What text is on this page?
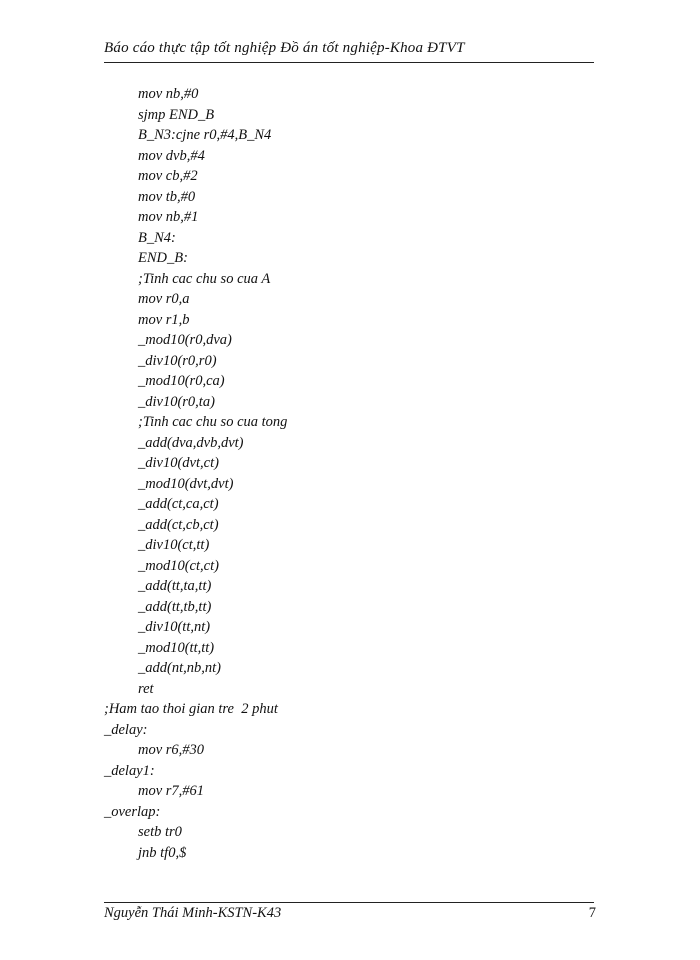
Báo cáo thực tập tốt nghiệp Đồ án tốt nghiệp-Khoa ĐTVT
mov nb,#0
sjmp END_B
B_N3:cjne r0,#4,B_N4
mov dvb,#4
mov cb,#2
mov tb,#0
mov nb,#1
B_N4:
END_B:
;Tinh cac chu so cua A
mov r0,a
mov r1,b
_mod10(r0,dva)
_div10(r0,r0)
_mod10(r0,ca)
_div10(r0,ta)
;Tinh cac chu so cua tong
_add(dva,dvb,dvt)
_div10(dvt,ct)
_mod10(dvt,dvt)
_add(ct,ca,ct)
_add(ct,cb,ct)
_div10(ct,tt)
_mod10(ct,ct)
_add(tt,ta,tt)
_add(tt,tb,tt)
_div10(tt,nt)
_mod10(tt,tt)
_add(nt,nb,nt)
ret
;Ham tao thoi gian tre  2 phut
_delay:
mov r6,#30
_delay1:
mov r7,#61
_overlap:
setb tr0
jnb tf0,$
Nguyễn Thái Minh-KSTN-K43	7
